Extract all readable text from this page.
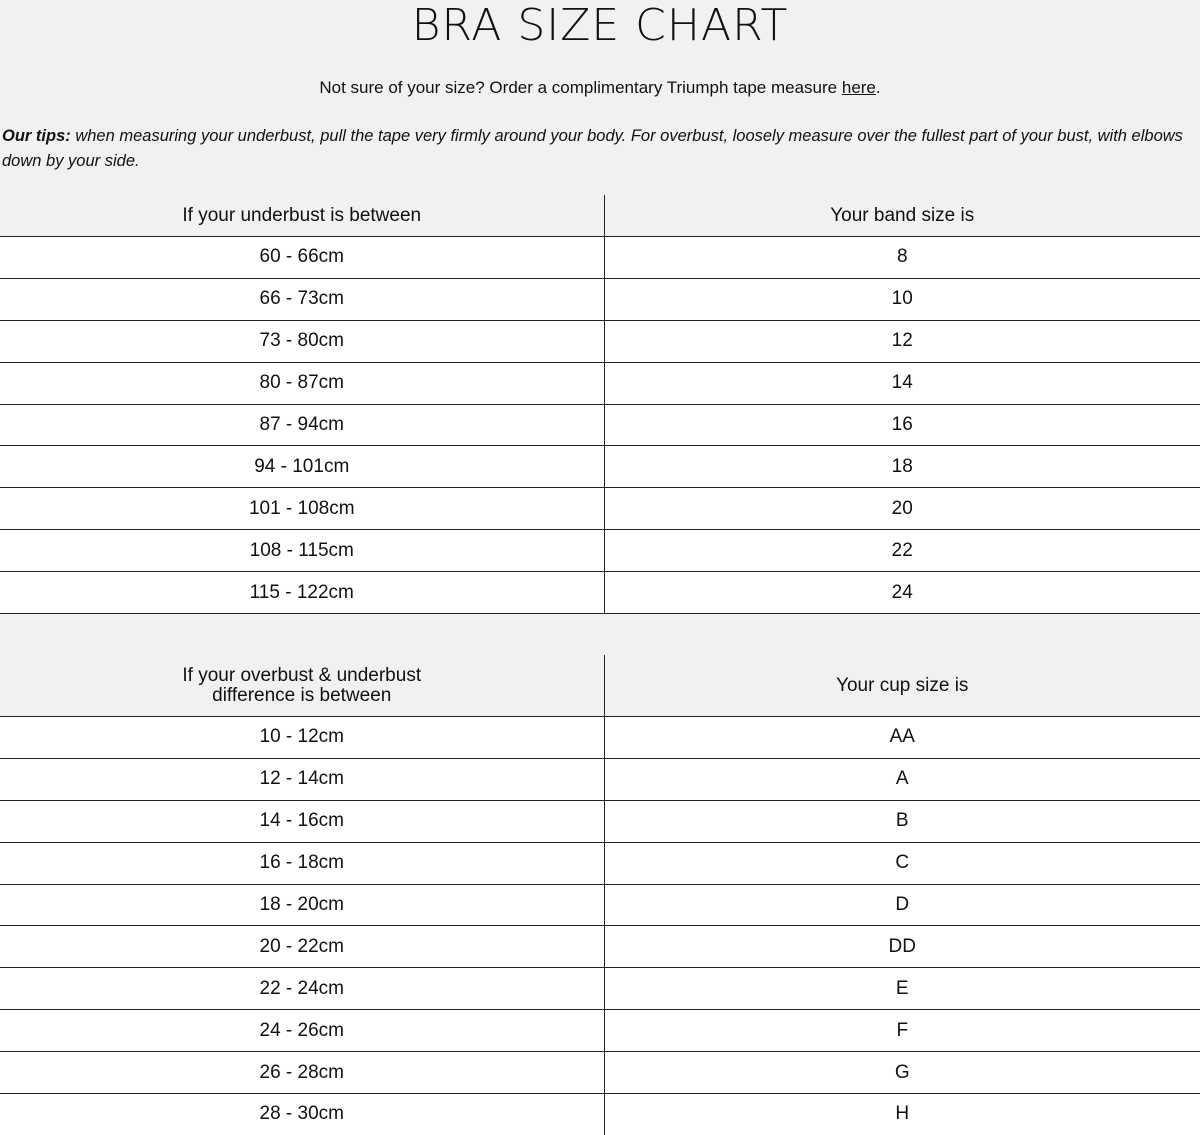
BRA SIZE CHART

Not sure of your size? Order a complimentary Triumph tape measure here.

Our tips: when measuring your underbust, pull the tape very firmly around your body. For overbust, loosely measure over the fullest part of your bust, with elbows down by your side.

If your underbust is between	Your band size is
60 - 66cm	8
66 - 73cm	10
73 - 80cm	12
80 - 87cm	14
87 - 94cm	16
94 - 101cm	18
101 - 108cm	20
108 - 115cm	22
115 - 122cm	24
If your overbust & underbust
difference is between	Your cup size is
10 - 12cm	AA
12 - 14cm	A
14 - 16cm	B
16 - 18cm	C
18 - 20cm	D
20 - 22cm	DD
22 - 24cm	E
24 - 26cm	F
26 - 28cm	G
28 - 30cm	H
